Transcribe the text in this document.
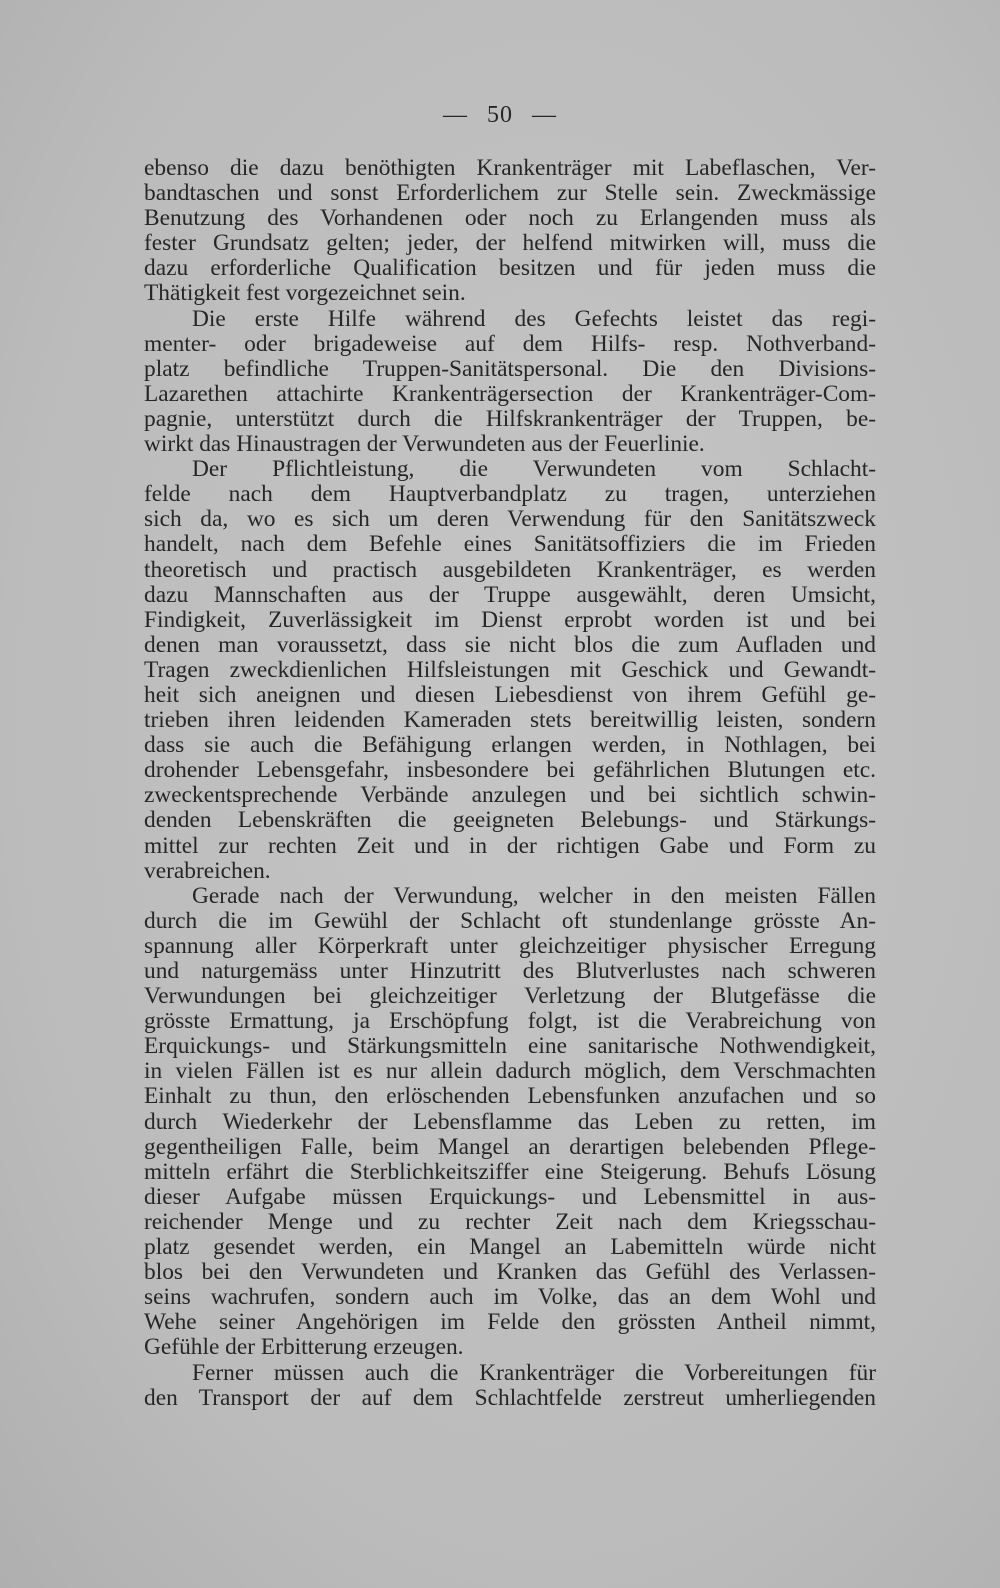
— 50 —
ebenso die dazu benöthigten Krankenträger mit Labeflaschen, Ver-
bandtaschen und sonst Erforderlichem zur Stelle sein. Zweckmässige
Benutzung des Vorhandenen oder noch zu Erlangenden muss als
fester Grundsatz gelten; jeder, der helfend mitwirken will, muss die
dazu erforderliche Qualification besitzen und für jeden muss die
Thätigkeit fest vorgezeichnet sein.
Die erste Hilfe während des Gefechts leistet das regi-
menter- oder brigadeweise auf dem Hilfs- resp. Nothverband-
platz befindliche Truppen-Sanitätspersonal. Die den Divisions-
Lazarethen attachirte Krankenträgersection der Krankenträger-Com-
pagnie, unterstützt durch die Hilfskrankenträger der Truppen, be-
wirkt das Hinaustragen der Verwundeten aus der Feuerlinie.
Der Pflichtleistung, die Verwundeten vom Schlacht-
felde nach dem Hauptverbandplatz zu tragen, unterziehen
sich da, wo es sich um deren Verwendung für den Sanitätszweck
handelt, nach dem Befehle eines Sanitätsoffiziers die im Frieden
theoretisch und practisch ausgebildeten Krankenträger, es werden
dazu Mannschaften aus der Truppe ausgewählt, deren Umsicht,
Findigkeit, Zuverlässigkeit im Dienst erprobt worden ist und bei
denen man voraussetzt, dass sie nicht blos die zum Aufladen und
Tragen zweckdienlichen Hilfsleistungen mit Geschick und Gewandt-
heit sich aneignen und diesen Liebesdienst von ihrem Gefühl ge-
trieben ihren leidenden Kameraden stets bereitwillig leisten, sondern
dass sie auch die Befähigung erlangen werden, in Nothlagen, bei
drohender Lebensgefahr, insbesondere bei gefährlichen Blutungen etc.
zweckentsprechende Verbände anzulegen und bei sichtlich schwin-
denden Lebenskräften die geeigneten Belebungs- und Stärkungs-
mittel zur rechten Zeit und in der richtigen Gabe und Form zu
verabreichen.
Gerade nach der Verwundung, welcher in den meisten Fällen
durch die im Gewühl der Schlacht oft stundenlange grösste An-
spannung aller Körperkraft unter gleichzeitiger physischer Erregung
und naturgemäss unter Hinzutritt des Blutverlustes nach schweren
Verwundungen bei gleichzeitiger Verletzung der Blutgefässe die
grösste Ermattung, ja Erschöpfung folgt, ist die Verabreichung von
Erquickungs- und Stärkungsmitteln eine sanitarische Nothwendigkeit,
in vielen Fällen ist es nur allein dadurch möglich, dem Verschmachten
Einhalt zu thun, den erlöschenden Lebensfunken anzufachen und so
durch Wiederkehr der Lebensflamme das Leben zu retten, im
gegentheiligen Falle, beim Mangel an derartigen belebenden Pflege-
mitteln erfährt die Sterblichkeitsziffer eine Steigerung. Behufs Lösung
dieser Aufgabe müssen Erquickungs- und Lebensmittel in aus-
reichender Menge und zu rechter Zeit nach dem Kriegsschau-
platz gesendet werden, ein Mangel an Labemitteln würde nicht
blos bei den Verwundeten und Kranken das Gefühl des Verlassen-
seins wachrufen, sondern auch im Volke, das an dem Wohl und
Wehe seiner Angehörigen im Felde den grössten Antheil nimmt,
Gefühle der Erbitterung erzeugen.
Ferner müssen auch die Krankenträger die Vorbereitungen für
den Transport der auf dem Schlachtfelde zerstreut umherliegenden
